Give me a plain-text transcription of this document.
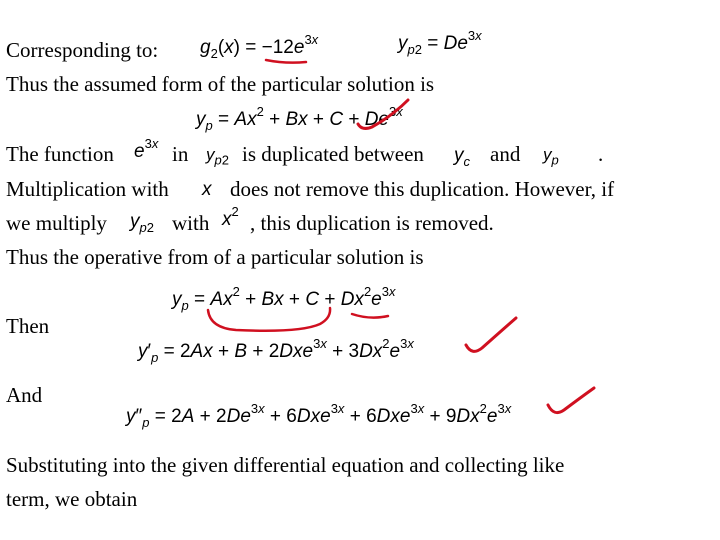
Corresponding to: $g_2(x) = -12e^{3x}$	$y_{p2} = De^{3x}$
Thus the assumed form of the particular solution is
$y_p = Ax^2 + Bx + C + De^{3x}$
The function $e^{3x}$ in $y_{p2}$ is duplicated between $y_c$ and $y_p$ .
Multiplication with x does not remove this duplication. However, if
we multiply $y_{p2}$ with $x^2$ , this duplication is removed.
Thus the operative from of a particular solution is
$y_p = Ax^2 + Bx + C + Dx^2e^{3x}$
Then
$y'_p = 2Ax + B + 2Dxe^{3x} + 3Dx^2e^{3x}$
And
$y''_p = 2A + 2De^{3x} + 6Dxe^{3x} + 6Dxe^{3x} + 9Dx^2e^{3x}$
Substituting into the given differential equation and collecting like
term, we obtain
